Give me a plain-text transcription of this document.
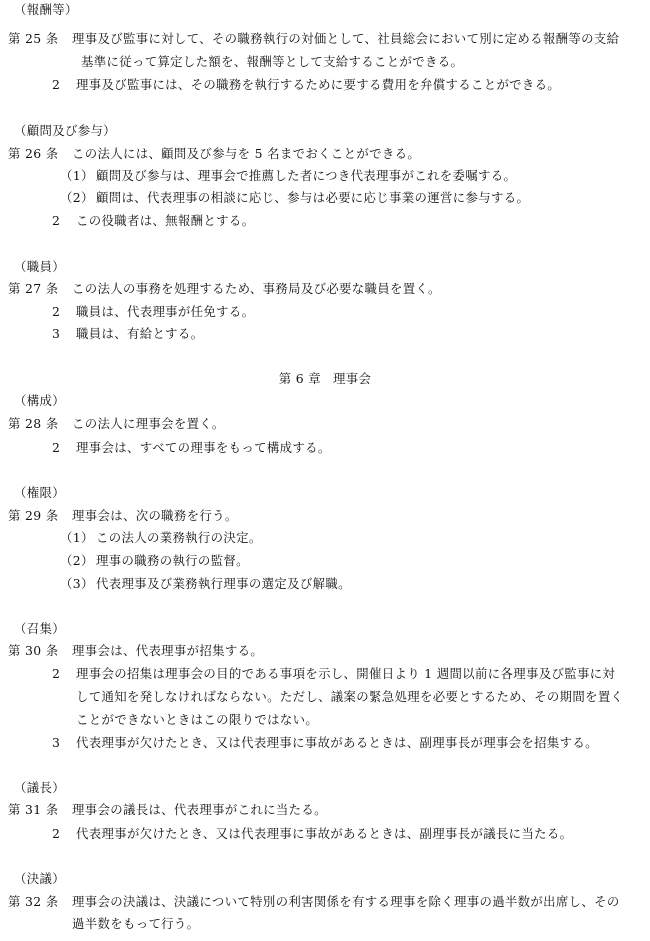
（報酬等）
第 25 条 理事及び監事に対して、その職務執行の対価として、社員総会において別に定める報酬等の支給
基準に従って算定した額を、報酬等として支給することができる。
2 理事及び監事には、その職務を執行するために要する費用を弁償することができる。
（顧問及び参与）
第 26 条 この法人には、顧問及び参与を 5 名までおくことができる。
（1） 顧問及び参与は、理事会で推薦した者につき代表理事がこれを委嘱する。
（2） 顧問は、代表理事の相談に応じ、参与は必要に応じ事業の運営に参与する。
2 この役職者は、無報酬とする。
（職員）
第 27 条 この法人の事務を処理するため、事務局及び必要な職員を置く。
2 職員は、代表理事が任免する。
3 職員は、有給とする。
第 6 章 理事会
（構成）
第 28 条 この法人に理事会を置く。
2 理事会は、すべての理事をもって構成する。
（権限）
第 29 条 理事会は、次の職務を行う。
（1） この法人の業務執行の決定。
（2） 理事の職務の執行の監督。
（3） 代表理事及び業務執行理事の選定及び解職。
（召集）
第 30 条 理事会は、代表理事が招集する。
2 理事会の招集は理事会の目的である事項を示し、開催日より 1 週間以前に各理事及び監事に対
して通知を発しなければならない。ただし、議案の緊急処理を必要とするため、その期間を置く
ことができないときはこの限りではない。
3 代表理事が欠けたとき、又は代表理事に事故があるときは、副理事長が理事会を招集する。
（議長）
第 31 条 理事会の議長は、代表理事がこれに当たる。
2 代表理事が欠けたとき、又は代表理事に事故があるときは、副理事長が議長に当たる。
（決議）
第 32 条 理事会の決議は、決議について特別の利害関係を有する理事を除く理事の過半数が出席し、その
過半数をもって行う。
